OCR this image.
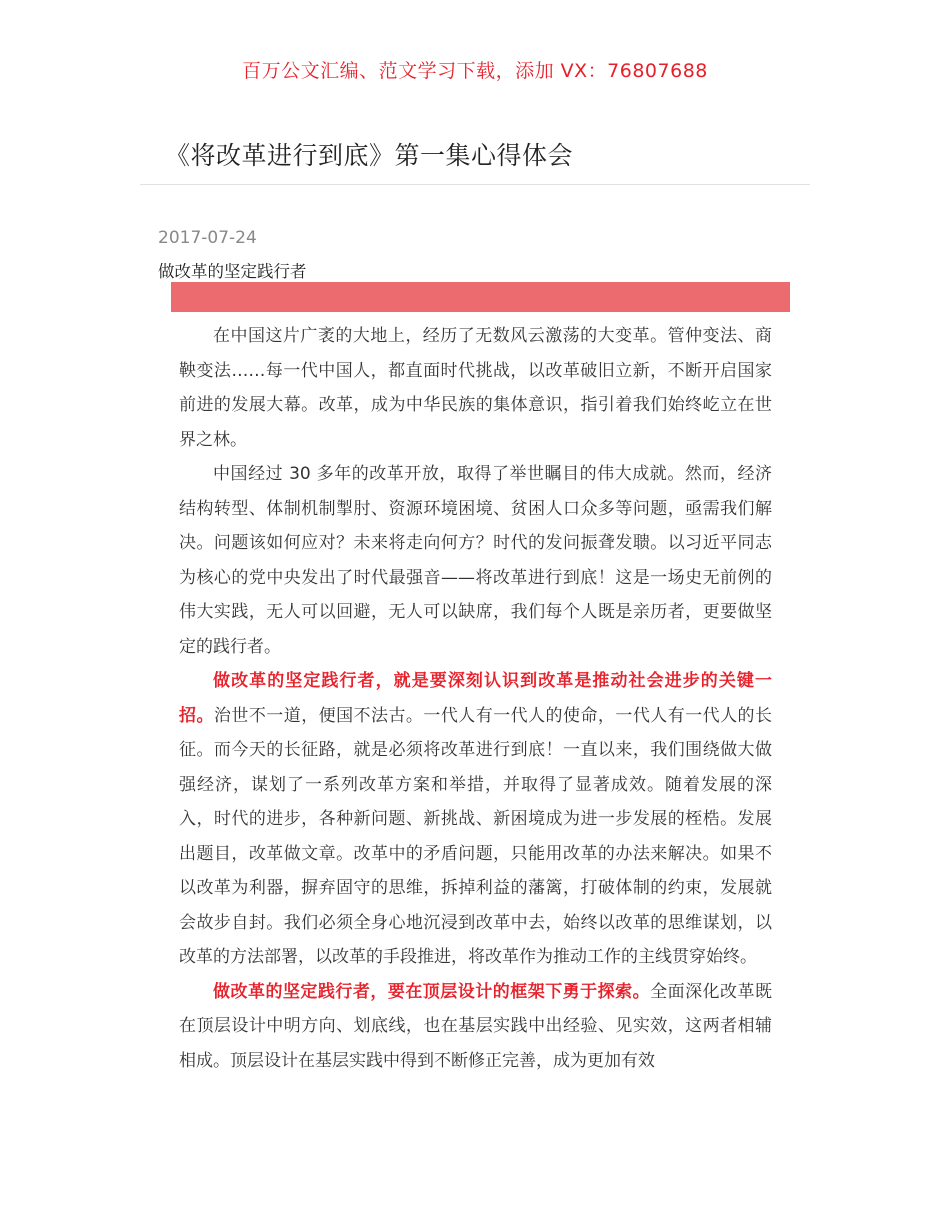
百万公文汇编、范文学习下载，添加 VX：76807688
《将改革进行到底》第一集心得体会
2017-07-24
做改革的坚定践行者

在中国这片广袤的大地上，经历了无数风云激荡的大变革。管仲变法、商鞅变法……每一代中国人，都直面时代挑战，以改革破旧立新，不断开启国家前进的发展大幕。改革，成为中华民族的集体意识，指引着我们始终屹立在世界之林。

中国经过 30 多年的改革开放，取得了举世瞩目的伟大成就。然而，经济结构转型、体制机制掣肘、资源环境困境、贫困人口众多等问题，亟需我们解决。问题该如何应对？未来将走向何方？时代的发问振聋发聩。以习近平同志为核心的党中央发出了时代最强音——将改革进行到底！这是一场史无前例的伟大实践，无人可以回避，无人可以缺席，我们每个人既是亲历者，更要做坚定的践行者。

做改革的坚定践行者，就是要深刻认识到改革是推动社会进步的关键一招。治世不一道，便国不法古。一代人有一代人的使命，一代人有一代人的长征。而今天的长征路，就是必须将改革进行到底！一直以来，我们围绕做大做强经济，谋划了一系列改革方案和举措，并取得了显著成效。随着发展的深入，时代的进步，各种新问题、新挑战、新困境成为进一步发展的桎梏。发展出题目，改革做文章。改革中的矛盾问题，只能用改革的办法来解决。如果不以改革为利器，摒弃固守的思维，拆掉利益的藩篱，打破体制的约束，发展就会故步自封。我们必须全身心地沉浸到改革中去，始终以改革的思维谋划，以改革的方法部署，以改革的手段推进，将改革作为推动工作的主线贯穿始终。

做改革的坚定践行者，要在顶层设计的框架下勇于探索。全面深化改革既在顶层设计中明方向、划底线，也在基层实践中出经验、见实效，这两者相辅相成。顶层设计在基层实践中得到不断修正完善，成为更加有效
